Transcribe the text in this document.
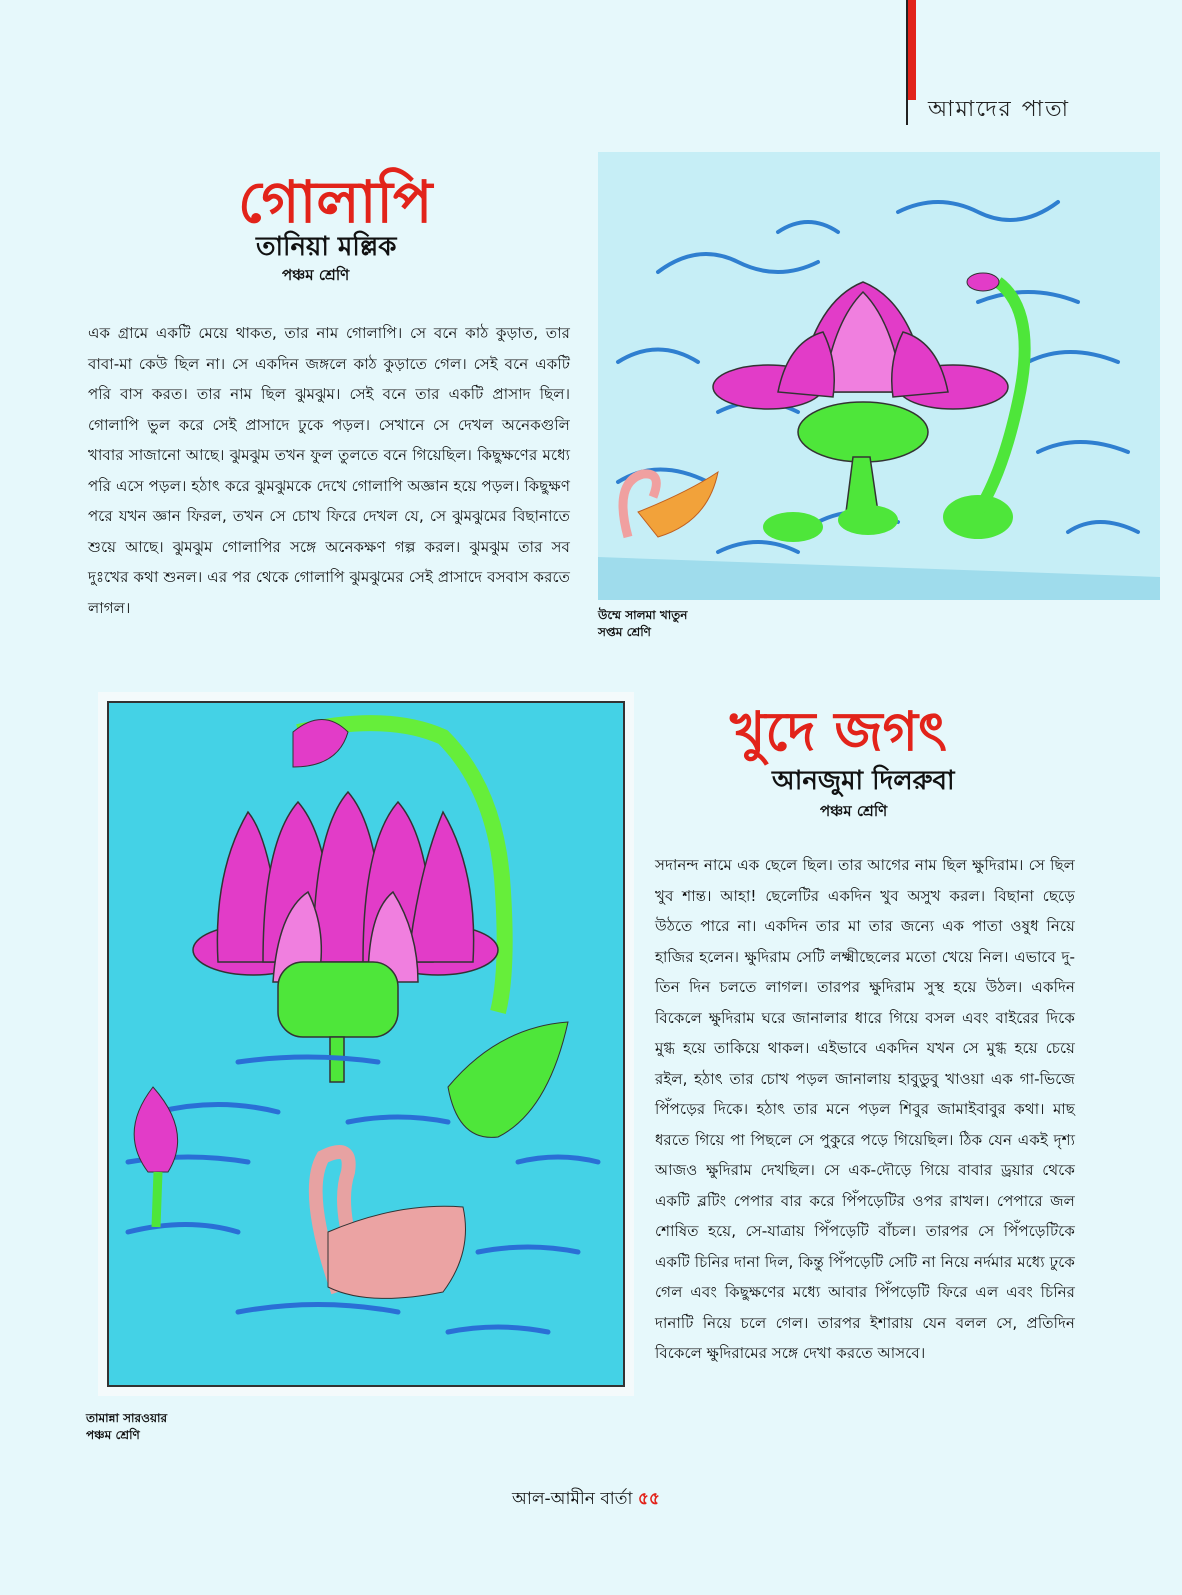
আমাদের পাতা
গোলাপি
তানিয়া মল্লিক
পঞ্চম শ্রেণি
এক গ্রামে একটি মেয়ে থাকত, তার নাম গোলাপি। সে বনে কাঠ কুড়াত, তার বাবা-মা কেউ ছিল না। সে একদিন জঙ্গলে কাঠ কুড়াতে গেল। সেই বনে একটি পরি বাস করত। তার নাম ছিল ঝুমঝুম। সেই বনে তার একটি প্রাসাদ ছিল। গোলাপি ভুল করে সেই প্রাসাদে ঢুকে পড়ল। সেখানে সে দেখল অনেকগুলি খাবার সাজানো আছে। ঝুমঝুম তখন ফুল তুলতে বনে গিয়েছিল। কিছুক্ষণের মধ্যে পরি এসে পড়ল। হঠাৎ করে ঝুমঝুমকে দেখে গোলাপি অজ্ঞান হয়ে পড়ল। কিছুক্ষণ পরে যখন জ্ঞান ফিরল, তখন সে চোখ ফিরে দেখল যে, সে ঝুমঝুমের বিছানাতে শুয়ে আছে। ঝুমঝুম গোলাপির সঙ্গে অনেকক্ষণ গল্প করল। ঝুমঝুম তার সব দুঃখের কথা শুনল। এর পর থেকে গোলাপি ঝুমঝুমের সেই প্রাসাদে বসবাস করতে লাগল।	উম্মে সালমা খাতুন
সপ্তম শ্রেণি
তামান্না সারওয়ার
পঞ্চম শ্রেণি
খুদে জগৎ
আনজুমা দিলরুবা
পঞ্চম শ্রেণি
সদানন্দ নামে এক ছেলে ছিল। তার আগের নাম ছিল ক্ষুদিরাম। সে ছিল খুব শান্ত। আহা! ছেলেটির একদিন খুব অসুখ করল। বিছানা ছেড়ে উঠতে পারে না। একদিন তার মা তার জন্যে এক পাতা ওষুধ নিয়ে হাজির হলেন। ক্ষুদিরাম সেটি লক্ষ্মীছেলের মতো খেয়ে নিল। এভাবে দু-তিন দিন চলতে লাগল। তারপর ক্ষুদিরাম সুস্থ হয়ে উঠল। একদিন বিকেলে ক্ষুদিরাম ঘরে জানালার ধারে গিয়ে বসল এবং বাইরের দিকে মুগ্ধ হয়ে তাকিয়ে থাকল। এইভাবে একদিন যখন সে মুগ্ধ হয়ে চেয়ে রইল, হঠাৎ তার চোখ পড়ল জানালায় হাবুডুবু খাওয়া এক গা-ভিজে পিঁপড়ের দিকে। হঠাৎ তার মনে পড়ল শিবুর জামাইবাবুর কথা। মাছ ধরতে গিয়ে পা পিছলে সে পুকুরে পড়ে গিয়েছিল। ঠিক যেন একই দৃশ্য আজও ক্ষুদিরাম দেখছিল। সে এক-দৌড়ে গিয়ে বাবার ড্রয়ার থেকে একটি ব্লটিং পেপার বার করে পিঁপড়েটির ওপর রাখল। পেপারে জল শোষিত হয়ে, সে-যাত্রায় পিঁপড়েটি বাঁচল। তারপর সে পিঁপড়েটিকে একটি চিনির দানা দিল, কিন্তু পিঁপড়েটি সেটি না নিয়ে নর্দমার মধ্যে ঢুকে গেল এবং কিছুক্ষণের মধ্যে আবার পিঁপড়েটি ফিরে এল এবং চিনির দানাটি নিয়ে চলে গেল। তারপর ইশারায় যেন বলল সে, প্রতিদিন বিকেলে ক্ষুদিরামের সঙ্গে দেখা করতে আসবে।
আল-আমীন বার্তা ৫৫
